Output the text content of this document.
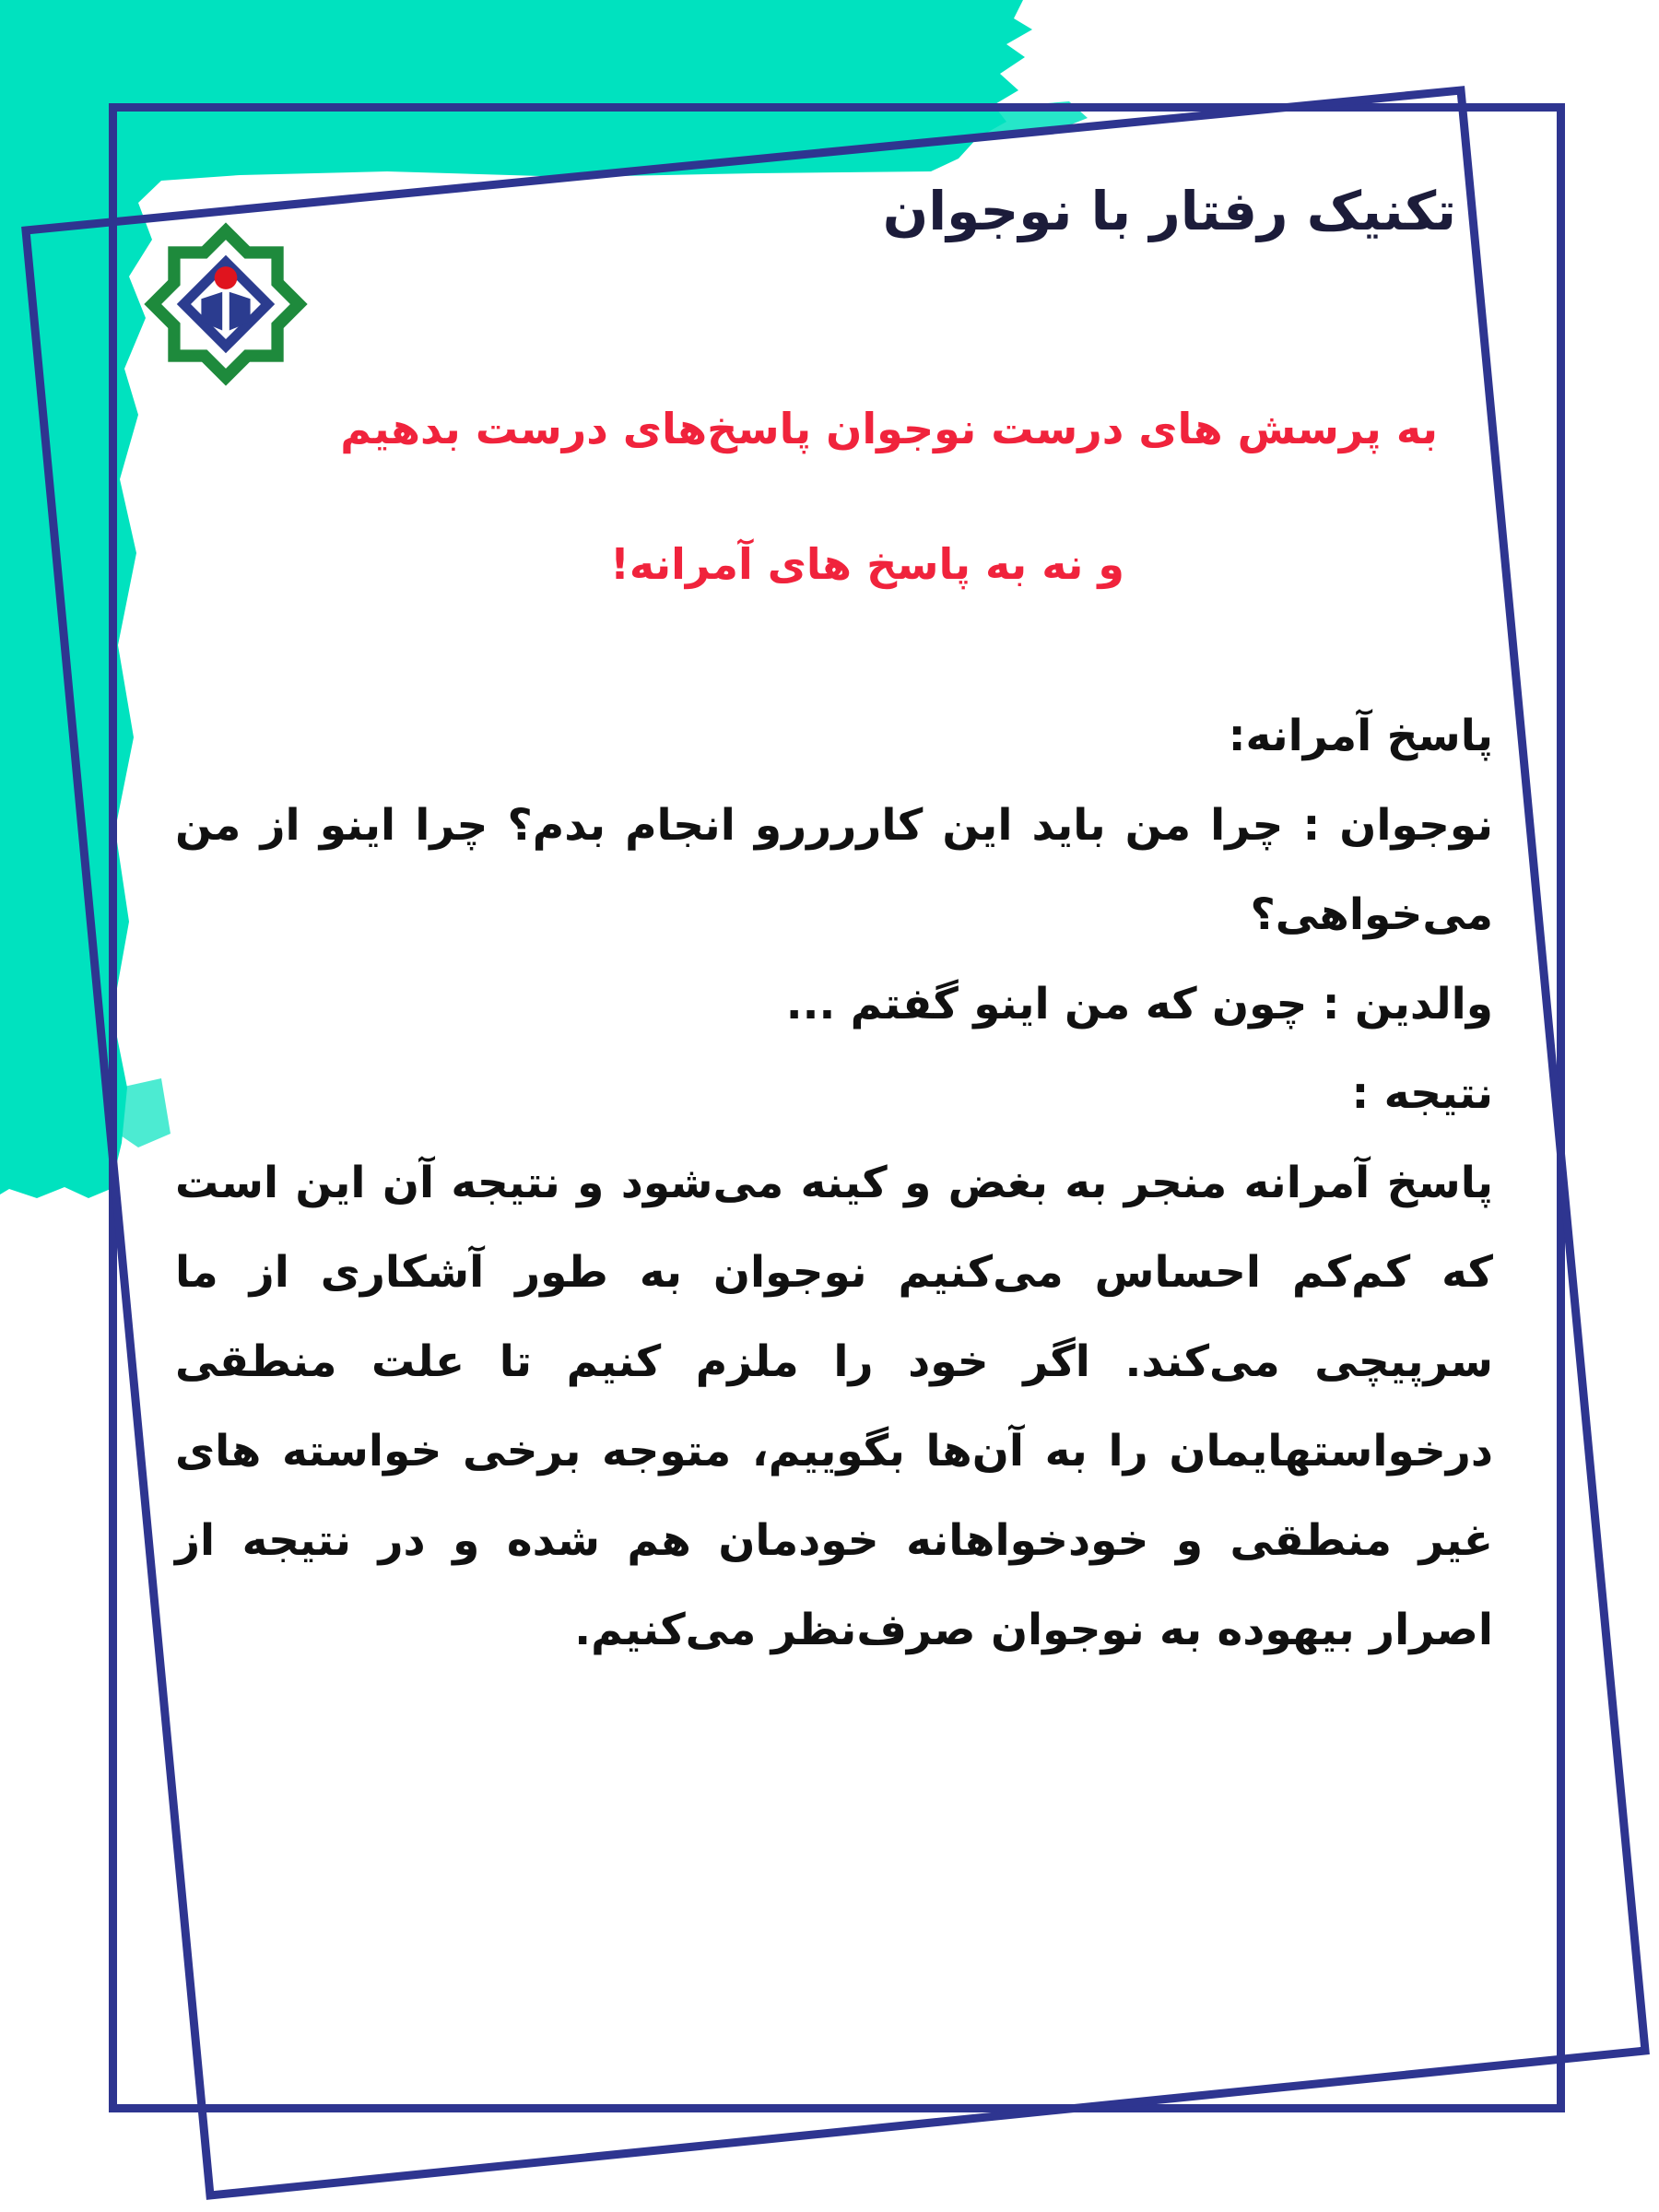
تکنیک رفتار با نوجوان
به پرسش های درست نوجوان پاسخ‌های درست بدهیم
و نه به پاسخ های آمرانه!

پاسخ آمرانه:

نوجوان : چرا من باید این کاررررو انجام بدم؟ چرا اینو از من می‌خواهی؟

والدین : چون که من اینو گفتم ...

نتیجه :

پاسخ آمرانه منجر به بغض و کینه می‌شود و نتیجه آن این است که کم‌کم احساس می‌کنیم نوجوان به طور آشکاری از ما سرپیچی می‌کند. اگر خود را ملزم کنیم تا علت منطقی درخواستهایمان را به آن‌ها بگوییم، متوجه برخی خواسته های غیر منطقی و خودخواهانه خودمان هم شده و در نتیجه از اصرار بیهوده به نوجوان صرف‌نظر می‌کنیم.
